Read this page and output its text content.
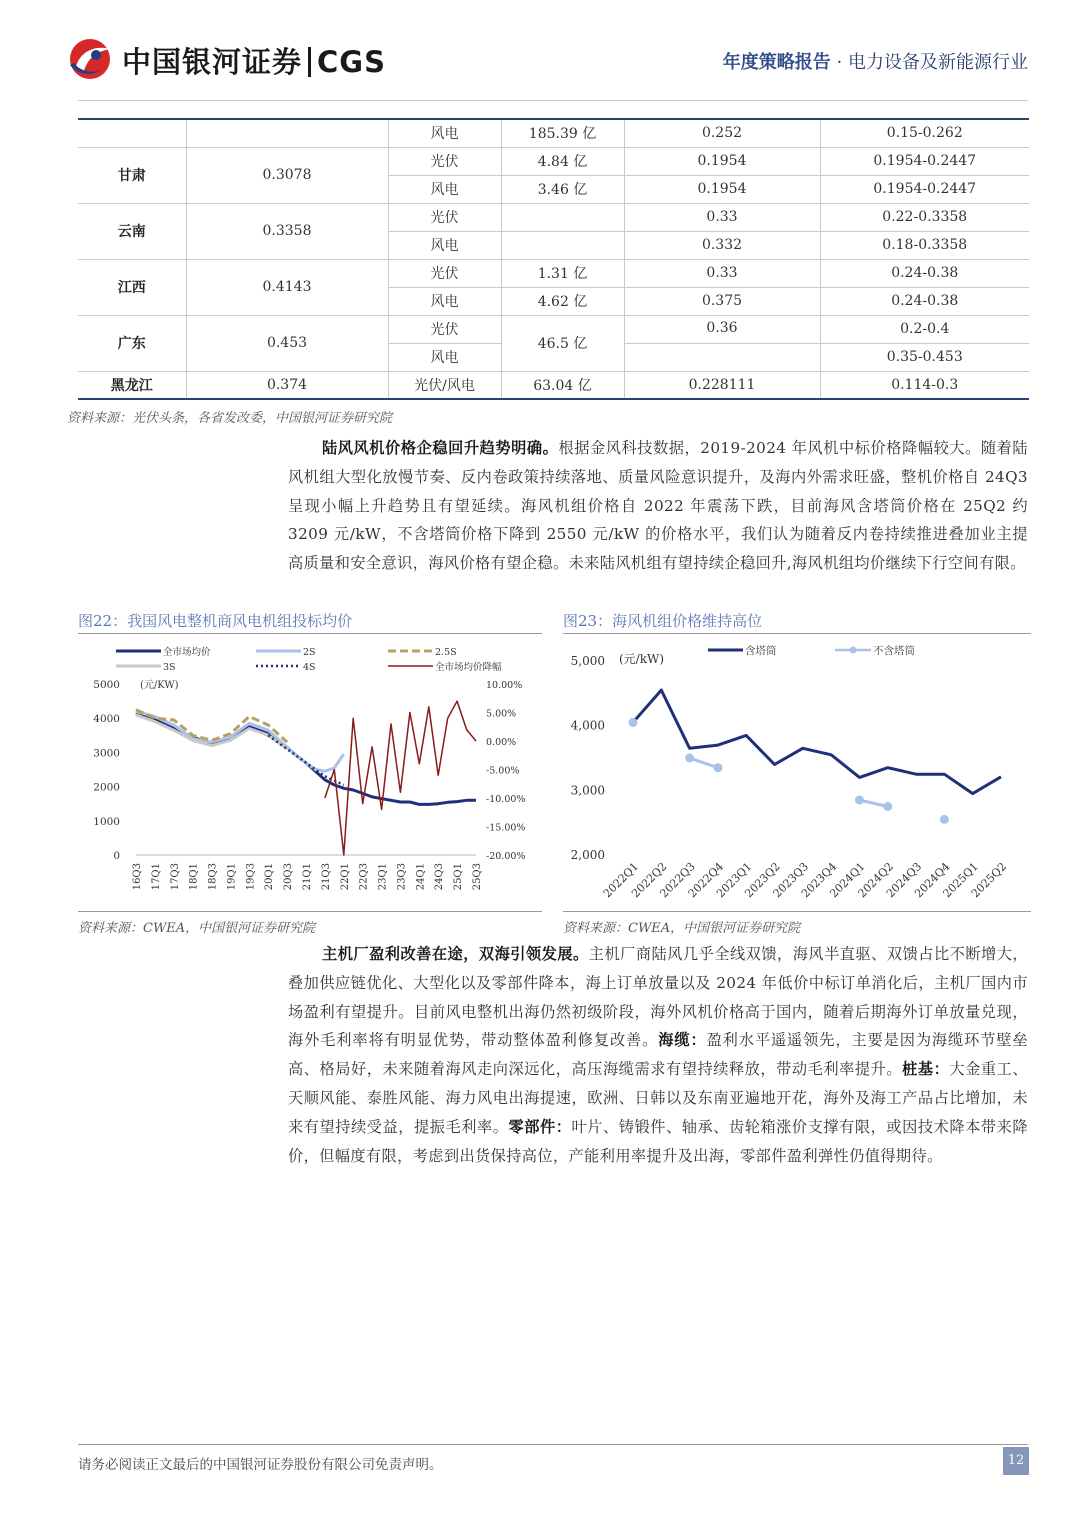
中国银河证券 CGS	年度策略报告 · 电力设备及新能源行业
		风电	185.39 亿	0.252	0.15-0.262
甘肃	0.3078	光伏	4.84 亿	0.1954	0.1954-0.2447
		风电	3.46 亿	0.1954	0.1954-0.2447
云南	0.3358	光伏		0.33	0.22-0.3358
		风电		0.332	0.18-0.3358
江西	0.4143	光伏	1.31 亿	0.33	0.24-0.38
		风电	4.62 亿	0.375	0.24-0.38
广东	0.453	光伏	46.5 亿	0.36	0.2-0.4
		风电			0.35-0.453
黑龙江	0.374	光伏/风电	63.04 亿	0.228111	0.114-0.3
资料来源：光伏头条，各省发改委，中国银河证券研究院
陆风风机价格企稳回升趋势明确。根据金风科技数据，2019-2024 年风机中标价格降幅较大。随着陆风机组大型化放慢节奏、反内卷政策持续落地、质量风险意识提升，及海内外需求旺盛，整机价格自 24Q3 呈现小幅上升趋势且有望延续。海风机组价格自 2022 年震荡下跌，目前海风含塔筒价格在 25Q2 约 3209 元/kW，不含塔筒价格下降到 2550 元/kW 的价格水平，我们认为随着反内卷持续推进叠加业主提高质量和安全意识，海风价格有望企稳。未来陆风机组有望持续企稳回升,海风机组均价继续下行空间有限。
图22：我国风电整机商风电机组投标均价
全市场均价	2S	2.5S
3S	4S	全市场均价降幅
(元/KW)
5000
4000
3000
2000
1000
0
10.00%
5.00%
0.00%
-5.00%
-10.00%
-15.00%
-20.00%
16Q3 17Q1 17Q3 18Q1 18Q3 19Q1 19Q3 20Q1 20Q3 21Q1 21Q3 22Q1 22Q3 23Q1 23Q3 24Q1 24Q3 25Q1 25Q3
资料来源：CWEA，中国银河证券研究院
图23：海风机组价格维持高位
含塔筒	不含塔筒
(元/kW)
5,000
4,000
3,000
2,000
2022Q1
2022Q2
2022Q3
2022Q4
2023Q1
2023Q2
2023Q3
2023Q4
2024Q1
2024Q2
2024Q3
2024Q4
2025Q1
2025Q2
资料来源：CWEA，中国银河证券研究院
主机厂盈利改善在途，双海引领发展。主机厂商陆风几乎全线双馈，海风半直驱、双馈占比不断增大，叠加供应链优化、大型化以及零部件降本，海上订单放量以及 2024 年低价中标订单消化后，主机厂国内市场盈利有望提升。目前风电整机出海仍然初级阶段，海外风机价格高于国内，随着后期海外订单放量兑现，海外毛利率将有明显优势，带动整体盈利修复改善。海缆：盈利水平遥遥领先，主要是因为海缆环节壁垒高、格局好，未来随着海风走向深远化，高压海缆需求有望持续释放，带动毛利率提升。桩基：大金重工、天顺风能、泰胜风能、海力风电出海提速，欧洲、日韩以及东南亚遍地开花，海外及海工产品占比增加，未来有望持续受益，提振毛利率。零部件：叶片、铸锻件、轴承、齿轮箱涨价支撑有限，或因技术降本带来降价，但幅度有限，考虑到出货保持高位，产能利用率提升及出海，零部件盈利弹性仍值得期待。
请务必阅读正文最后的中国银河证券股份有限公司免责声明。	12
